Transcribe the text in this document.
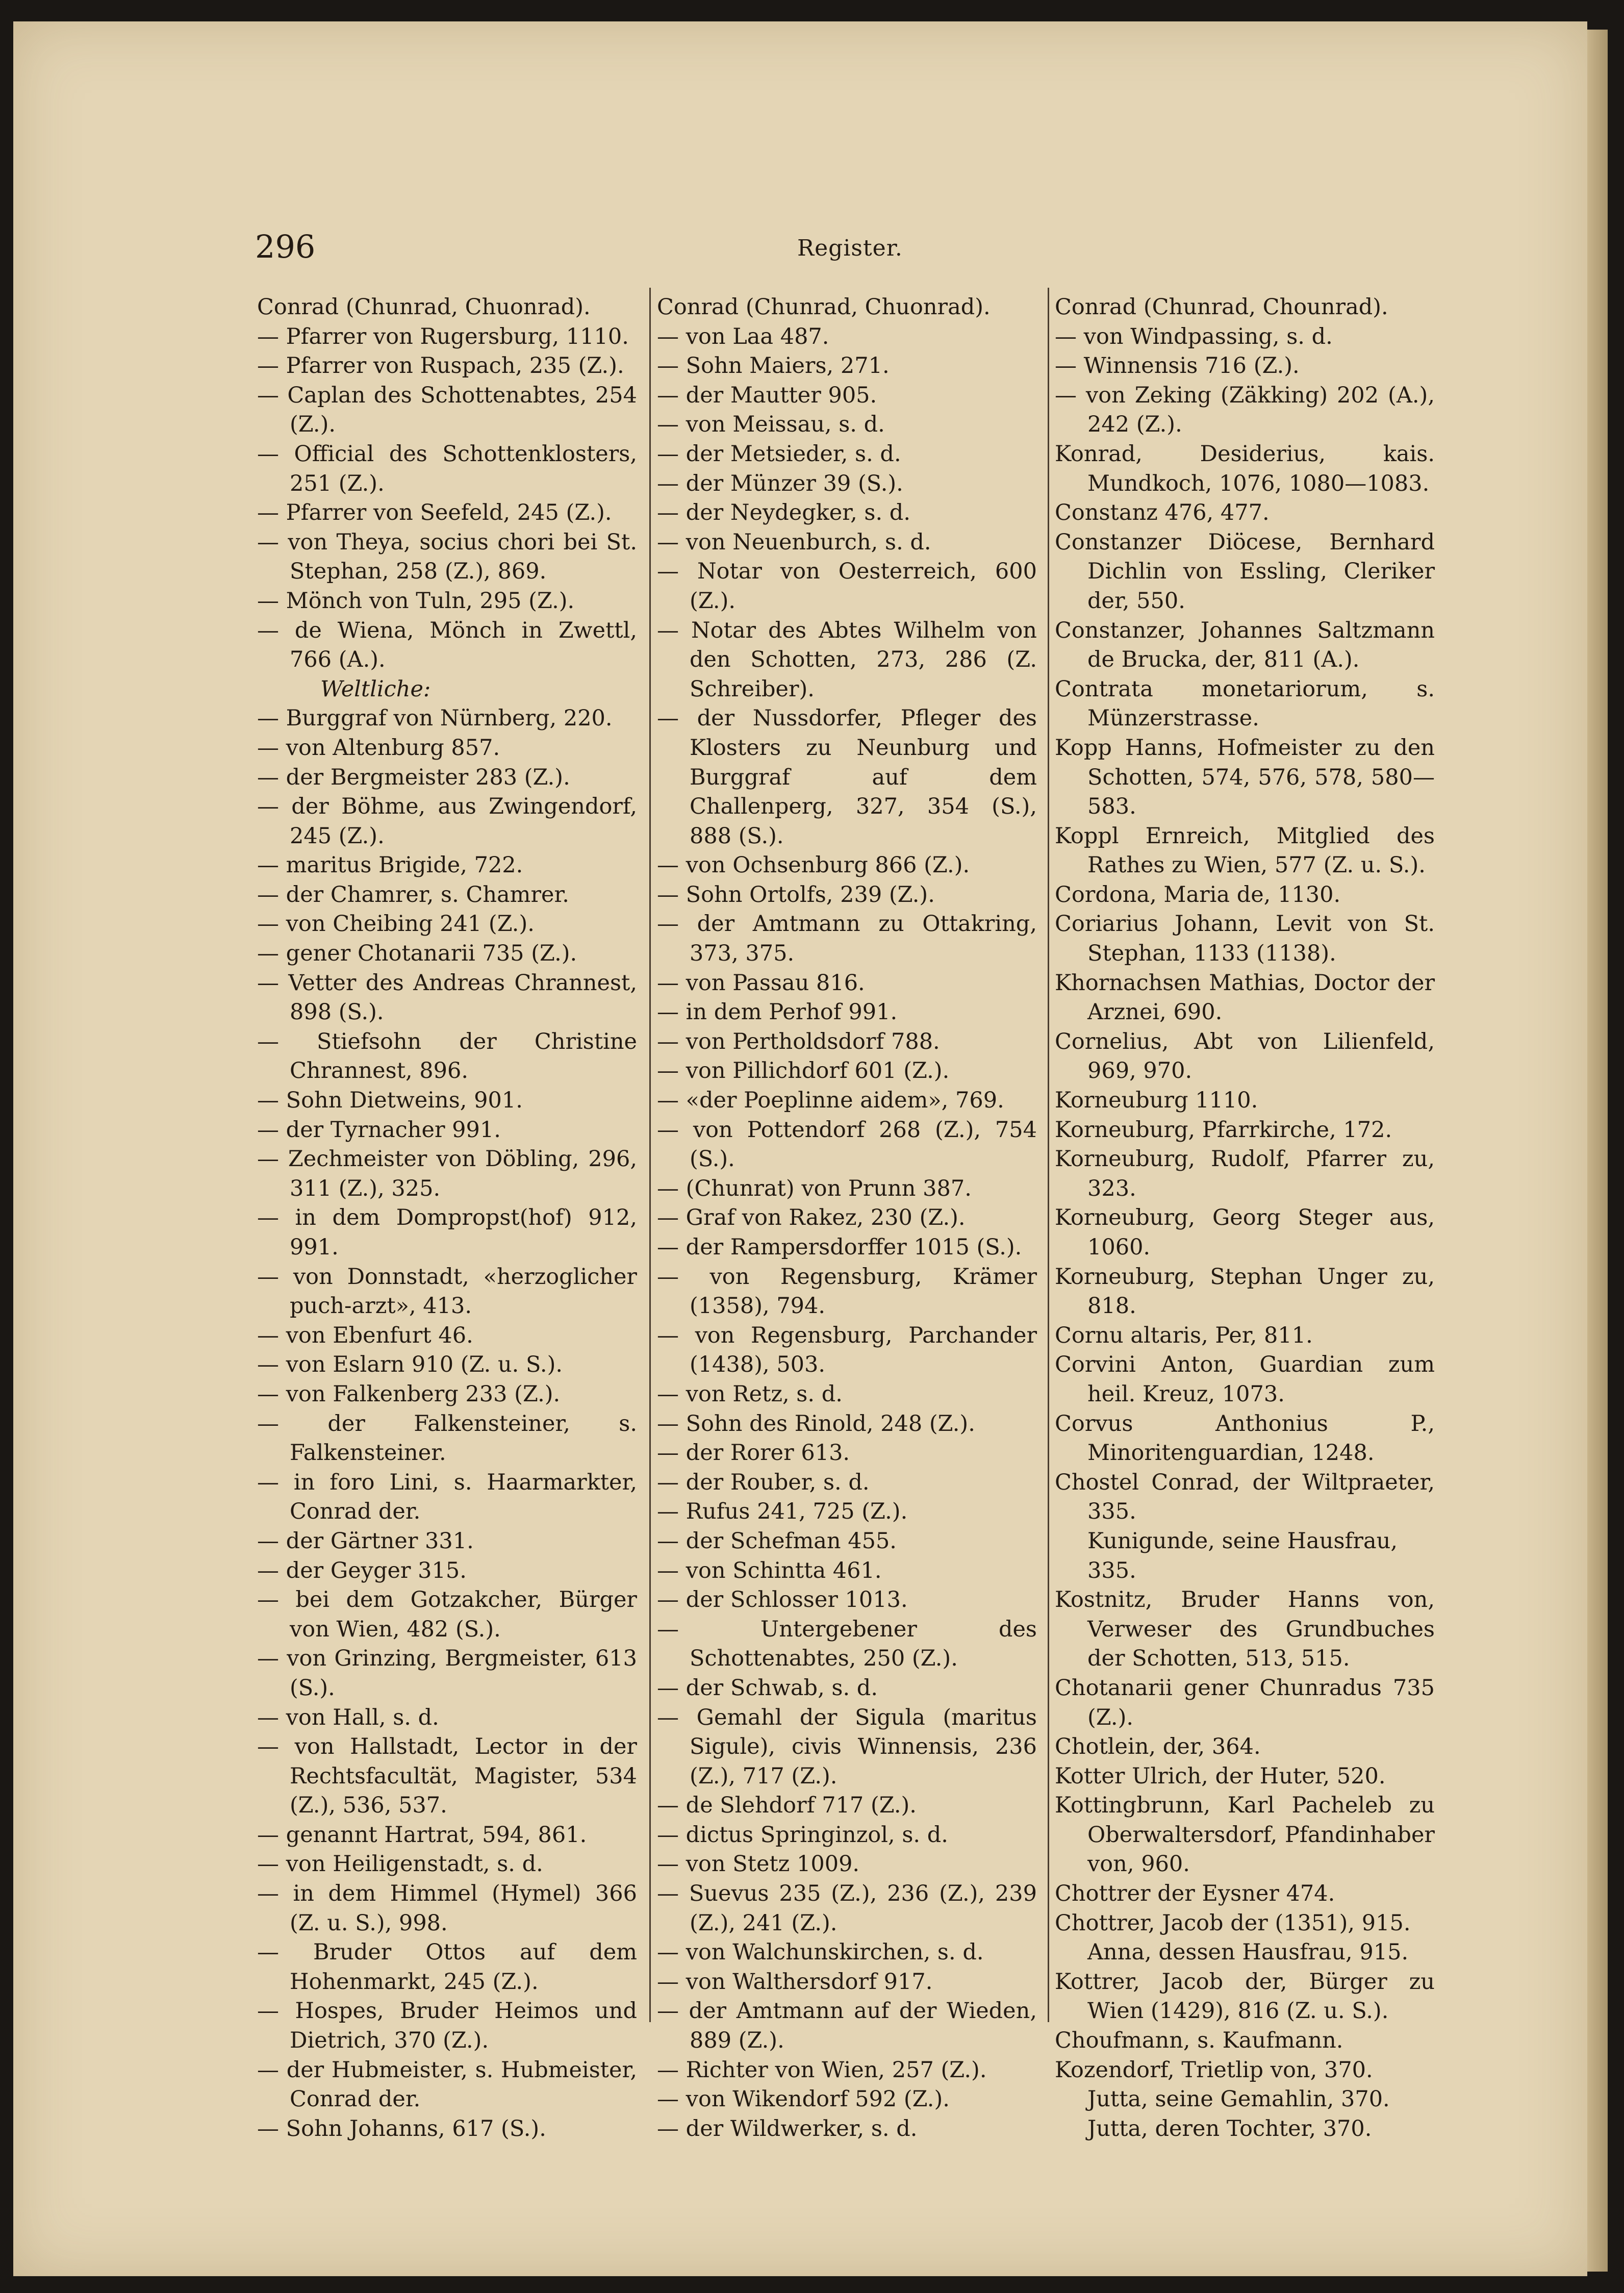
296	Register.
Conrad (Chunrad, Chuonrad).
— Pfarrer von Rugersburg, 1110.
— Pfarrer von Ruspach, 235 (Z.).
— Caplan des Schottenabtes, 254 (Z.).
— Official des Schottenklosters, 251 (Z.).
— Pfarrer von Seefeld, 245 (Z.).
— von Theya, socius chori bei St. Stephan, 258 (Z.), 869.
— Mönch von Tuln, 295 (Z.).
— de Wiena, Mönch in Zwettl, 766 (A.).
Weltliche:
— Burggraf von Nürnberg, 220.
— von Altenburg 857.
— der Bergmeister 283 (Z.).
— der Böhme, aus Zwingendorf, 245 (Z.).
— maritus Brigide, 722.
— der Chamrer, s. Chamrer.
— von Cheibing 241 (Z.).
— gener Chotanarii 735 (Z.).
— Vetter des Andreas Chrannest, 898 (S.).
— Stiefsohn der Christine Chrannest, 896.
— Sohn Dietweins, 901.
— der Tyrnacher 991.
— Zechmeister von Döbling, 296, 311 (Z.), 325.
— in dem Dompropst(hof) 912, 991.
— von Donnstadt, «herzoglicher puch-arzt», 413.
— von Ebenfurt 46.
— von Eslarn 910 (Z. u. S.).
— von Falkenberg 233 (Z.).
— der Falkensteiner, s. Falkensteiner.
— in foro Lini, s. Haarmarkter, Conrad der.
— der Gärtner 331.
— der Geyger 315.
— bei dem Gotzakcher, Bürger von Wien, 482 (S.).
— von Grinzing, Bergmeister, 613 (S.).
— von Hall, s. d.
— von Hallstadt, Lector in der Rechtsfacultät, Magister, 534 (Z.), 536, 537.
— genannt Hartrat, 594, 861.
— von Heiligenstadt, s. d.
— in dem Himmel (Hymel) 366 (Z. u. S.), 998.
— Bruder Ottos auf dem Hohenmarkt, 245 (Z.).
— Hospes, Bruder Heimos und Dietrich, 370 (Z.).
— der Hubmeister, s. Hubmeister, Conrad der.
— Sohn Johanns, 617 (S.).
Conrad (Chunrad, Chuonrad).
— von Laa 487.
— Sohn Maiers, 271.
— der Mautter 905.
— von Meissau, s. d.
— der Metsieder, s. d.
— der Münzer 39 (S.).
— der Neydegker, s. d.
— von Neuenburch, s. d.
— Notar von Oesterreich, 600 (Z.).
— Notar des Abtes Wilhelm von den Schotten, 273, 286 (Z. Schreiber).
— der Nussdorfer, Pfleger des Klosters zu Neunburg und Burggraf auf dem Challenperg, 327, 354 (S.), 888 (S.).
— von Ochsenburg 866 (Z.).
— Sohn Ortolfs, 239 (Z.).
— der Amtmann zu Ottakring, 373, 375.
— von Passau 816.
— in dem Perhof 991.
— von Pertholdsdorf 788.
— von Pillichdorf 601 (Z.).
— «der Poeplinne aidem», 769.
— von Pottendorf 268 (Z.), 754 (S.).
— (Chunrat) von Prunn 387.
— Graf von Rakez, 230 (Z.).
— der Rampersdorffer 1015 (S.).
— von Regensburg, Krämer (1358), 794.
— von Regensburg, Parchander (1438), 503.
— von Retz, s. d.
— Sohn des Rinold, 248 (Z.).
— der Rorer 613.
— der Rouber, s. d.
— Rufus 241, 725 (Z.).
— der Schefman 455.
— von Schintta 461.
— der Schlosser 1013.
— Untergebener des Schottenabtes, 250 (Z.).
— der Schwab, s. d.
— Gemahl der Sigula (maritus Sigule), civis Winnensis, 236 (Z.), 717 (Z.).
— de Slehdorf 717 (Z.).
— dictus Springinzol, s. d.
— von Stetz 1009.
— Suevus 235 (Z.), 236 (Z.), 239 (Z.), 241 (Z.).
— von Walchunskirchen, s. d.
— von Walthersdorf 917.
— der Amtmann auf der Wieden, 889 (Z.).
— Richter von Wien, 257 (Z.).
— von Wikendorf 592 (Z.).
— der Wildwerker, s. d.
Conrad (Chunrad, Chounrad).
— von Windpassing, s. d.
— Winnensis 716 (Z.).
— von Zeking (Zäkking) 202 (A.), 242 (Z.).
Konrad, Desiderius, kais. Mundkoch, 1076, 1080—1083.
Constanz 476, 477.
Constanzer Diöcese, Bernhard Dichlin von Essling, Cleriker der, 550.
Constanzer, Johannes Saltzmann de Brucka, der, 811 (A.).
Contrata monetariorum, s. Münzerstrasse.
Kopp Hanns, Hofmeister zu den Schotten, 574, 576, 578, 580—583.
Koppl Ernreich, Mitglied des Rathes zu Wien, 577 (Z. u. S.).
Cordona, Maria de, 1130.
Coriarius Johann, Levit von St. Stephan, 1133 (1138).
Khornachsen Mathias, Doctor der Arznei, 690.
Cornelius, Abt von Lilienfeld, 969, 970.
Korneuburg 1110.
Korneuburg, Pfarrkirche, 172.
Korneuburg, Rudolf, Pfarrer zu, 323.
Korneuburg, Georg Steger aus, 1060.
Korneuburg, Stephan Unger zu, 818.
Cornu altaris, Per, 811.
Corvini Anton, Guardian zum heil. Kreuz, 1073.
Corvus Anthonius P., Minoritenguardian, 1248.
Chostel Conrad, der Wiltpraeter, 335.
Kunigunde, seine Hausfrau, 335.
Kostnitz, Bruder Hanns von, Verweser des Grundbuches der Schotten, 513, 515.
Chotanarii gener Chunradus 735 (Z.).
Chotlein, der, 364.
Kotter Ulrich, der Huter, 520.
Kottingbrunn, Karl Pacheleb zu Oberwaltersdorf, Pfandinhaber von, 960.
Chottrer der Eysner 474.
Chottrer, Jacob der (1351), 915.
Anna, dessen Hausfrau, 915.
Kottrer, Jacob der, Bürger zu Wien (1429), 816 (Z. u. S.).
Choufmann, s. Kaufmann.
Kozendorf, Trietlip von, 370.
Jutta, seine Gemahlin, 370.
Jutta, deren Tochter, 370.
